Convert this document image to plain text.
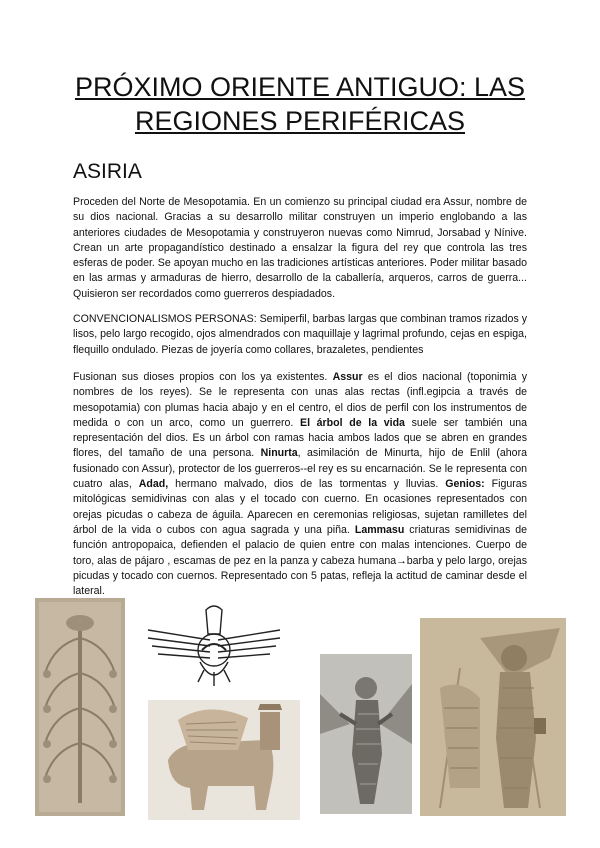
PRÓXIMO ORIENTE ANTIGUO: LAS
REGIONES PERIFÉRICAS
ASIRIA

Proceden del Norte de Mesopotamia. En un comienzo su principal ciudad era Assur, nombre de su dios nacional. Gracias a su desarrollo militar construyen un imperio englobando a las anteriores ciudades de Mesopotamia y construyeron nuevas como Nimrud, Jorsabad y Nínive. Crean un arte propagandístico destinado a ensalzar la figura del rey que controla las tres esferas de poder. Se apoyan mucho en las tradiciones artísticas anteriores. Poder militar basado en las armas y armaduras de hierro, desarrollo de la caballería, arqueros, carros de guerra... Quisieron ser recordados como guerreros despiadados.

CONVENCIONALISMOS PERSONAS: Semiperfil, barbas largas que combinan tramos rizados y lisos, pelo largo recogido, ojos almendrados con maquillaje y lagrimal profundo, cejas en espiga, flequillo ondulado. Piezas de joyería como collares, brazaletes, pendientes

Fusionan sus dioses propios con los ya existentes. Assur es el dios nacional (toponimia y nombres de los reyes). Se le representa con unas alas rectas (infl.egipcia a través de mesopotamia) con plumas hacia abajo y en el centro, el dios de perfil con los instrumentos de medida o con un arco, como un guerrero. El árbol de la vida suele ser también una representación del dios. Es un árbol con ramas hacia ambos lados que se abren en grandes flores, del tamaño de una persona. Ninurta, asimilación de Minurta, hijo de Enlil (ahora fusionado con Assur), protector de los guerreros--el rey es su encarnación. Se le representa con cuatro alas, Adad, hermano malvado, dios de las tormentas y lluvias. Genios: Figuras mitológicas semidivinas con alas y el tocado con cuerno. En ocasiones representados con orejas picudas o cabeza de águila. Aparecen en ceremonias religiosas, sujetan ramilletes del árbol de la vida o cubos con agua sagrada y una piña. Lammasu criaturas semidivinas de función antropopaica, defienden el palacio de quien entre con malas intenciones. Cuerpo de toro, alas de pájaro , escamas de pez en la panza y cabeza humana→barba y pelo largo, orejas picudas y tocado con cuernos. Representado con 5 patas, refleja la actitud de caminar desde el lateral.
